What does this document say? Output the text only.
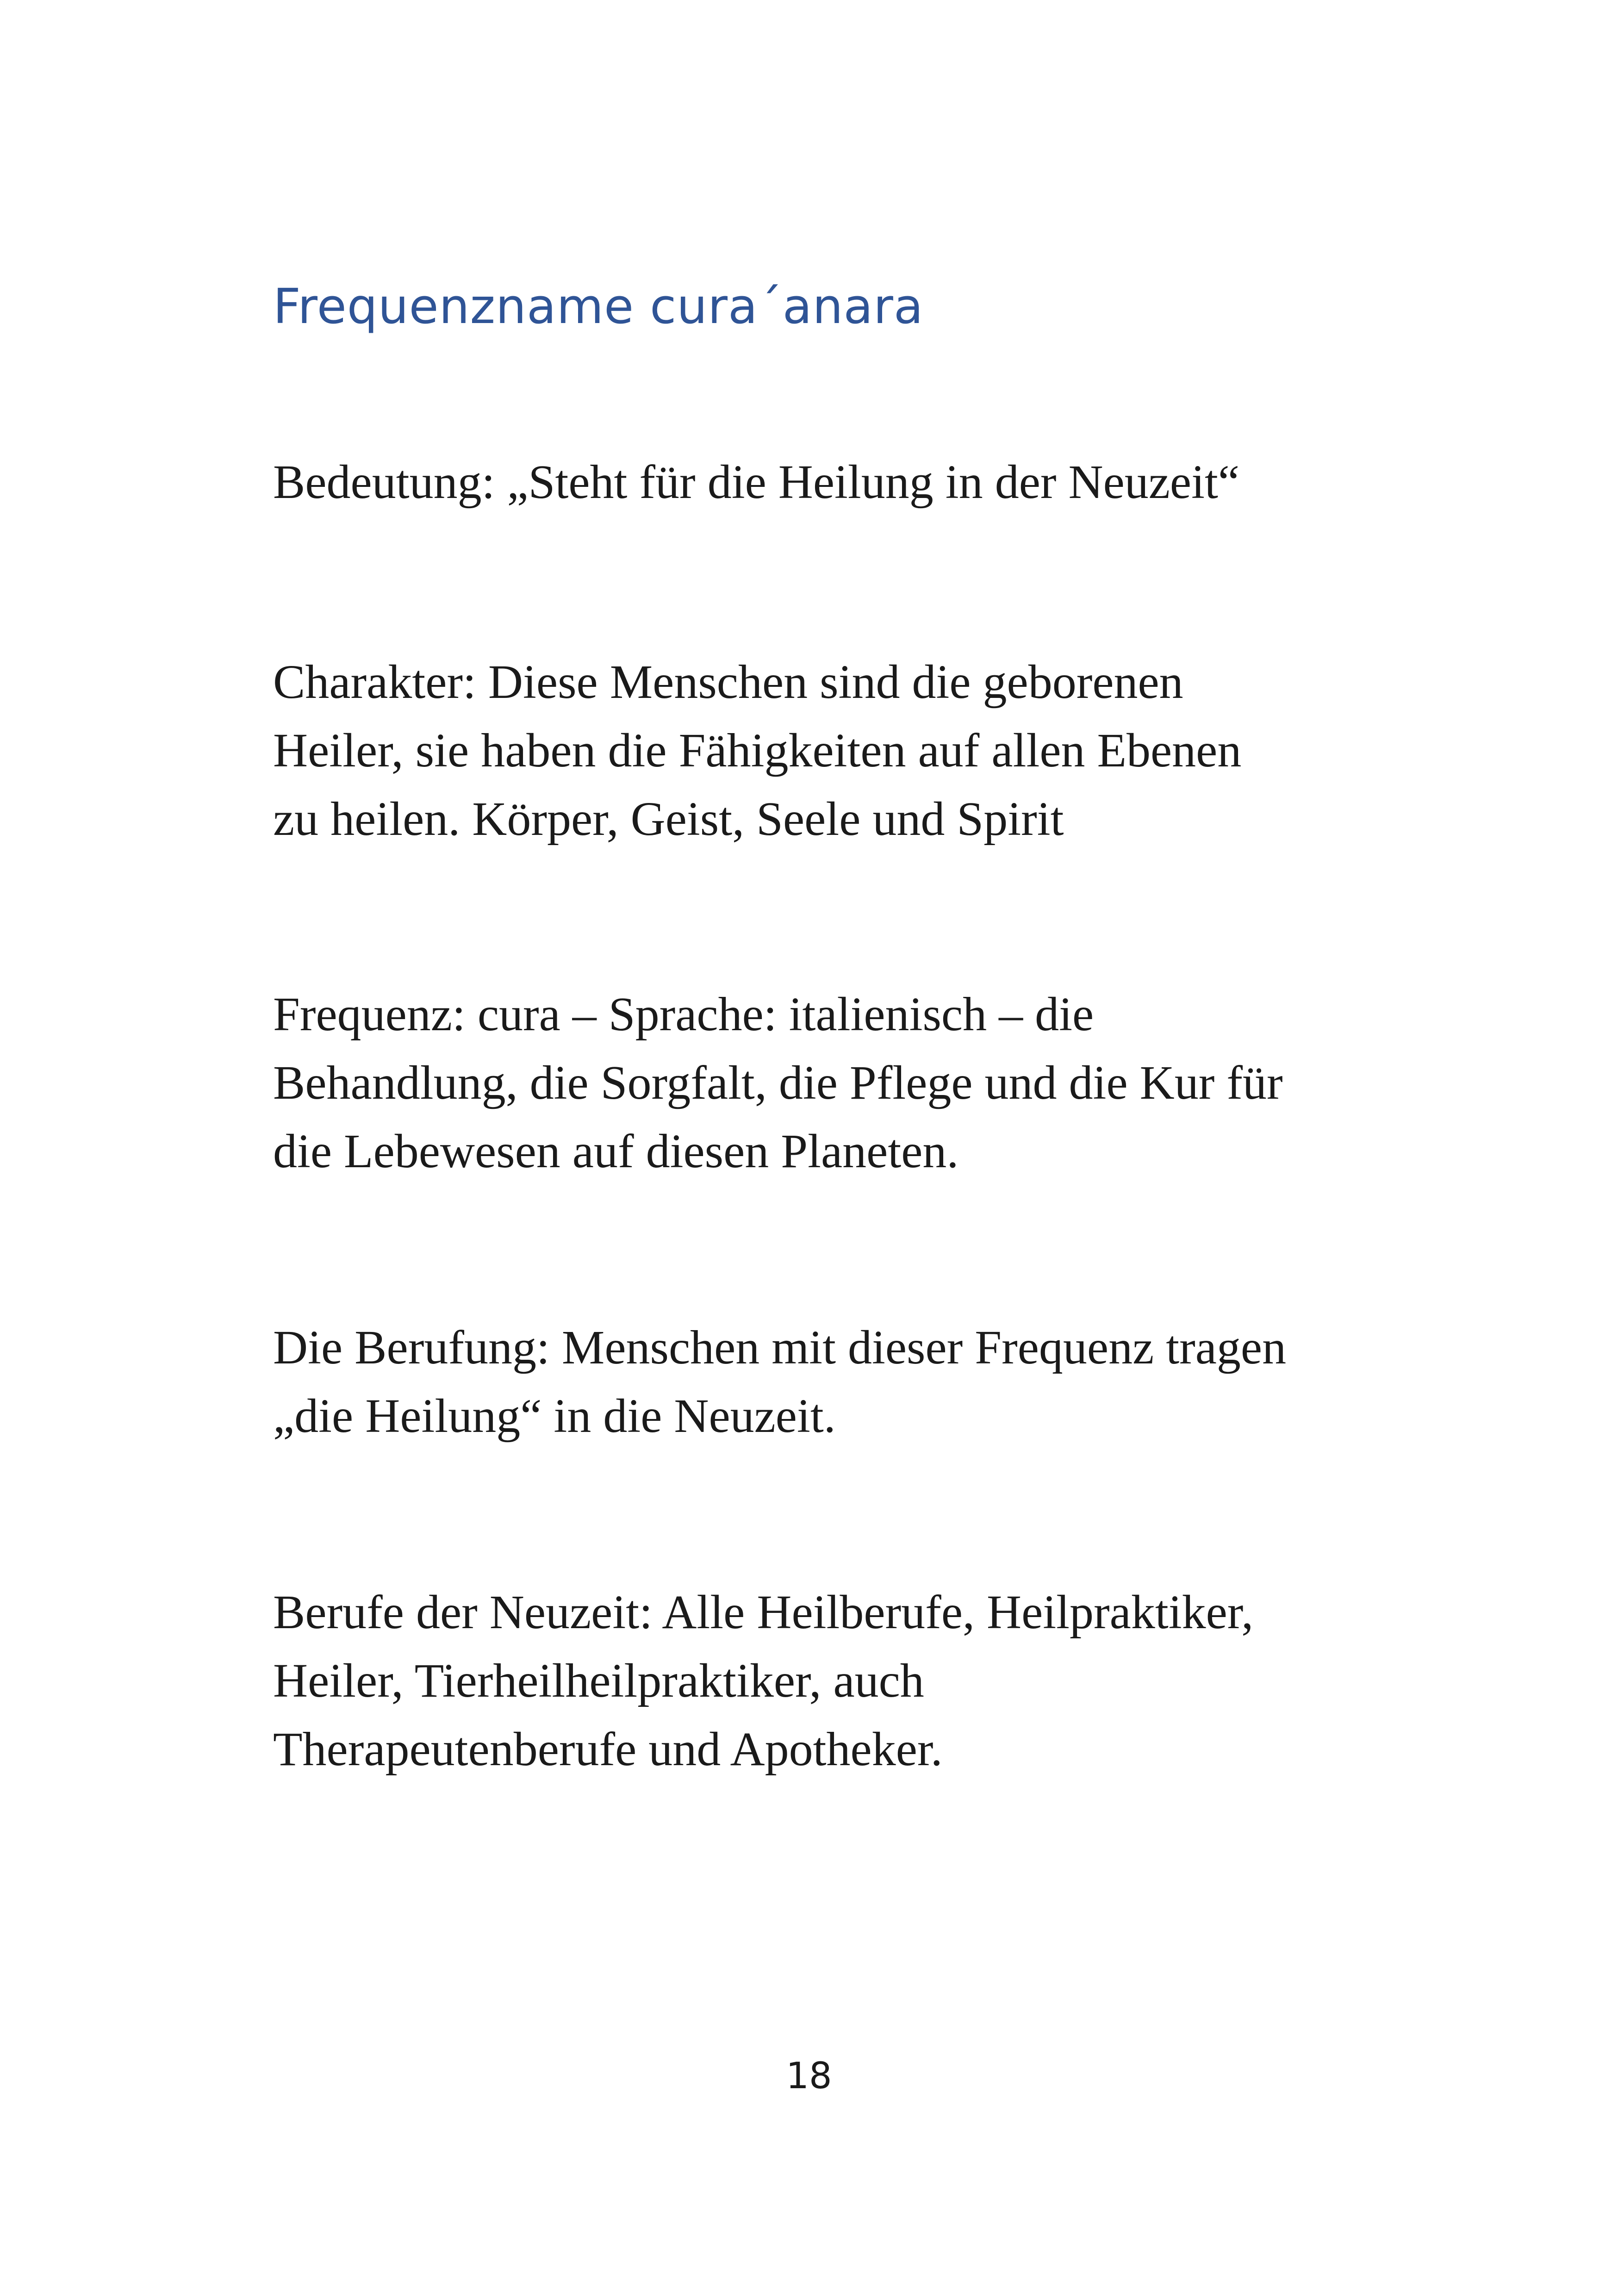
Frequenzname cura´anara

Bedeutung: „Steht für die Heilung in der Neuzeit“

Charakter: Diese Menschen sind die geborenen
Heiler, sie haben die Fähigkeiten auf allen Ebenen
zu heilen. Körper, Geist, Seele und Spirit

Frequenz: cura – Sprache: italienisch – die
Behandlung, die Sorgfalt, die Pflege und die Kur für
die Lebewesen auf diesen Planeten.

Die Berufung: Menschen mit dieser Frequenz tragen
„die Heilung“ in die Neuzeit.

Berufe der Neuzeit: Alle Heilberufe, Heilpraktiker,
Heiler, Tierheilheilpraktiker, auch
Therapeutenberufe und Apotheker.

18
